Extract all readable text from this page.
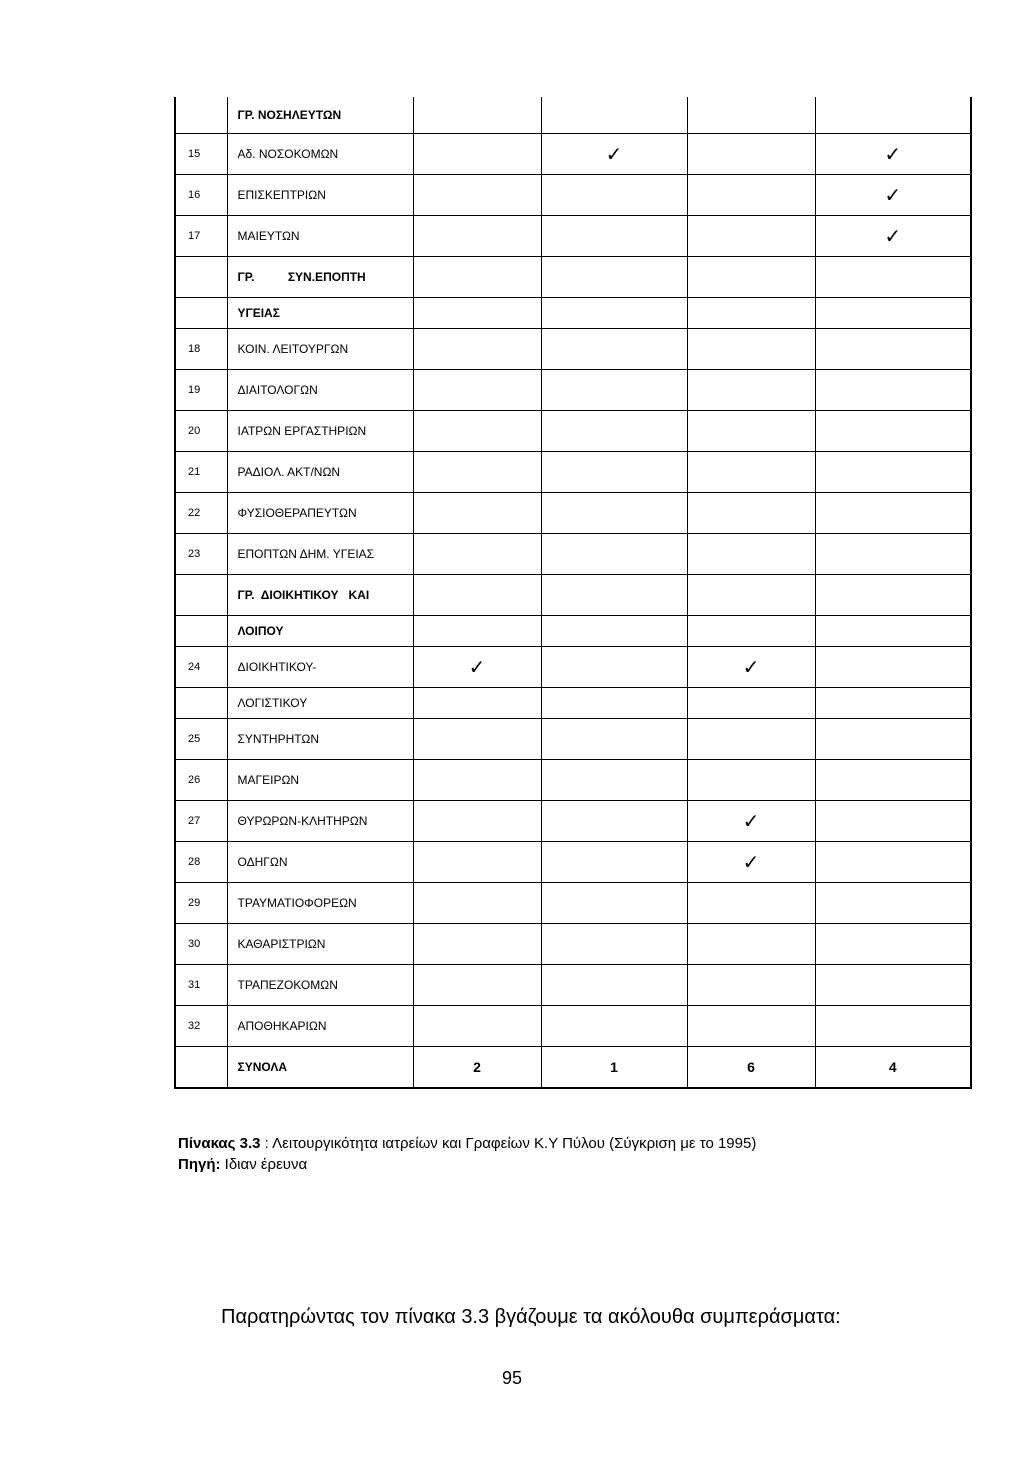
	ΓΡ. ΝΟΣΗΛΕΥΤΩΝ				
15	Αδ. ΝΟΣΟΚΟΜΩΝ		✓		✓
16	ΕΠΙΣΚΕΠΤΡΙΩΝ				✓
17	ΜΑΙΕΥΤΩΝ				✓
	ΓΡ.          ΣΥΝ.ΕΠΟΠΤΗ				
	ΥΓΕΙΑΣ				
18	ΚΟΙΝ. ΛΕΙΤΟΥΡΓΩΝ				
19	ΔΙΑΙΤΟΛΟΓΩΝ				
20	ΙΑΤΡΩΝ ΕΡΓΑΣΤΗΡΙΩΝ				
21	ΡΑΔΙΟΛ. ΑΚΤ/ΝΩΝ				
22	ΦΥΣΙΟΘΕΡΑΠΕΥΤΩΝ				
23	ΕΠΟΠΤΩΝ ΔΗΜ. ΥΓΕΙΑΣ				
	ΓΡ.  ΔΙΟΙΚΗΤΙΚΟΥ   ΚΑΙ				
	ΛΟΙΠΟΥ				
24	ΔΙΟΙΚΗΤΙΚΟΥ-	✓		✓	
	ΛΟΓΙΣΤΙΚΟΥ				
25	ΣΥΝΤΗΡΗΤΩΝ				
26	ΜΑΓΕΙΡΩΝ				
27	ΘΥΡΩΡΩΝ-ΚΛΗΤΗΡΩΝ			✓	
28	ΟΔΗΓΩΝ			✓	
29	ΤΡΑΥΜΑΤΙΟΦΟΡΕΩΝ				
30	ΚΑΘΑΡΙΣΤΡΙΩΝ				
31	ΤΡΑΠΕΖΟΚΟΜΩΝ				
32	ΑΠΟΘΗΚΑΡΙΩΝ				
	ΣΥΝΟΛΑ	2	1	6	4
Πίνακας 3.3 : Λειτουργικότητα ιατρείων και Γραφείων Κ.Υ Πύλου (Σύγκριση με το 1995)
Πηγή: Ιδιαν έρευνα
Παρατηρώντας τον πίνακα 3.3 βγάζουμε τα ακόλουθα συμπεράσματα:
95
